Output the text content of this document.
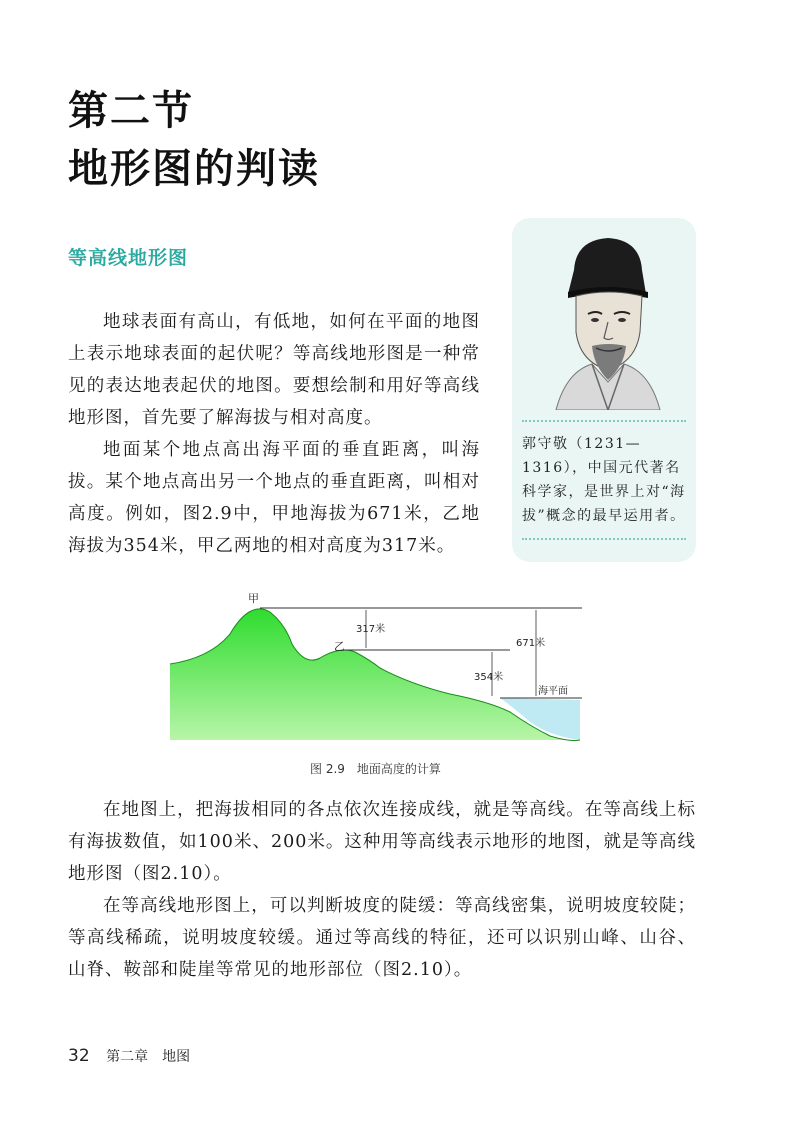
第二节
地形图的判读
等高线地形图

地球表面有高山，有低地，如何在平面的地图上表示地球表面的起伏呢？等高线地形图是一种常见的表达地表起伏的地图。要想绘制和用好等高线地形图，首先要了解海拔与相对高度。

地面某个地点高出海平面的垂直距离，叫海拔。某个地点高出另一个地点的垂直距离，叫相对高度。例如，图2.9中，甲地海拔为671米，乙地海拔为354米，甲乙两地的相对高度为317米。

郭守敬（1231—1316），中国元代著名科学家，是世界上对“海拔”概念的最早运用者。
甲
乙
317米
671米
354米
海平面
图 2.9　地面高度的计算

在地图上，把海拔相同的各点依次连接成线，就是等高线。在等高线上标有海拔数值，如100米、200米。这种用等高线表示地形的地图，就是等高线地形图（图2.10）。

在等高线地形图上，可以判断坡度的陡缓：等高线密集，说明坡度较陡；等高线稀疏，说明坡度较缓。通过等高线的特征，还可以识别山峰、山谷、山脊、鞍部和陡崖等常见的地形部位（图2.10）。

32 第二章　地图
